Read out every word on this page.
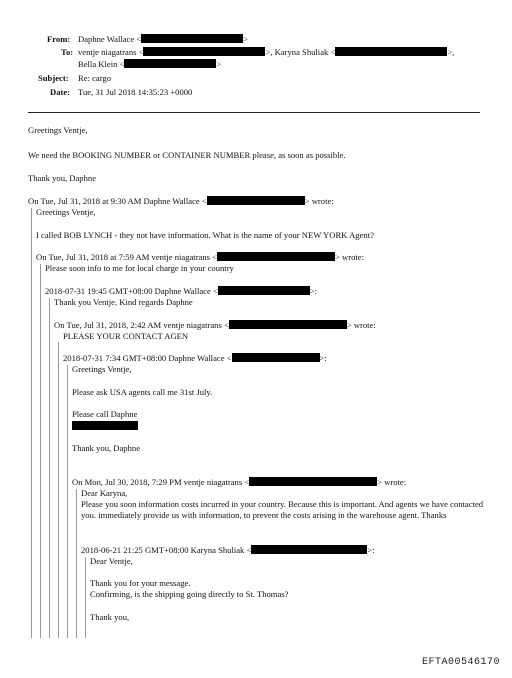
From: Daphne Wallace <	>
To: ventje niagatrans <	>, Karyna Shuliak <	>,
Bella Klein <	>
Subject: Re: cargo
Date: Tue, 31 Jul 2018 14:35:23 +0000
Greetings Ventje,
We need the BOOKING NUMBER or CONTAINER NUMBER please, as soon as possible.
Thank you, Daphne
On Tue, Jul 31, 2018 at 9:30 AM Daphne Wallace <	> wrote:
Greetings Ventje,
I called BOB LYNCH - they not have information. What is the name of your NEW YORK Agent?
On Tue, Jul 31, 2018 at 7:59 AM ventje niagatrans <	> wrote:
Please soon info to me for local charge in your country
2018-07-31 19:45 GMT+08:00 Daphne Wallace <	>:
Thank you Ventje, Kind regards Daphne
On Tue, Jul 31, 2018, 2:42 AM ventje niagatrans <	> wrote:
PLEASE YOUR CONTACT AGEN
2018-07-31 7:34 GMT+08:00 Daphne Wallace <	>:
Greetings Ventje,
Please ask USA agents call me 31st July.
Please call Daphne
Thank you, Daphne
On Mon, Jul 30, 2018, 7:29 PM ventje niagatrans <	> wrote:
Dear Karyna,
Please you soon information costs incurred in your country. Because this is important. And agents we have contacted you. immediately provide us with information, to prevent the costs arising in the warehouse agent. Thanks
2018-06-21 21:25 GMT+08:00 Karyna Shuliak <	>:
Dear Ventje,
Thank you for your message.
Confirming, is the shipping going directly to St. Thomas?
Thank you,
EFTA00546170
